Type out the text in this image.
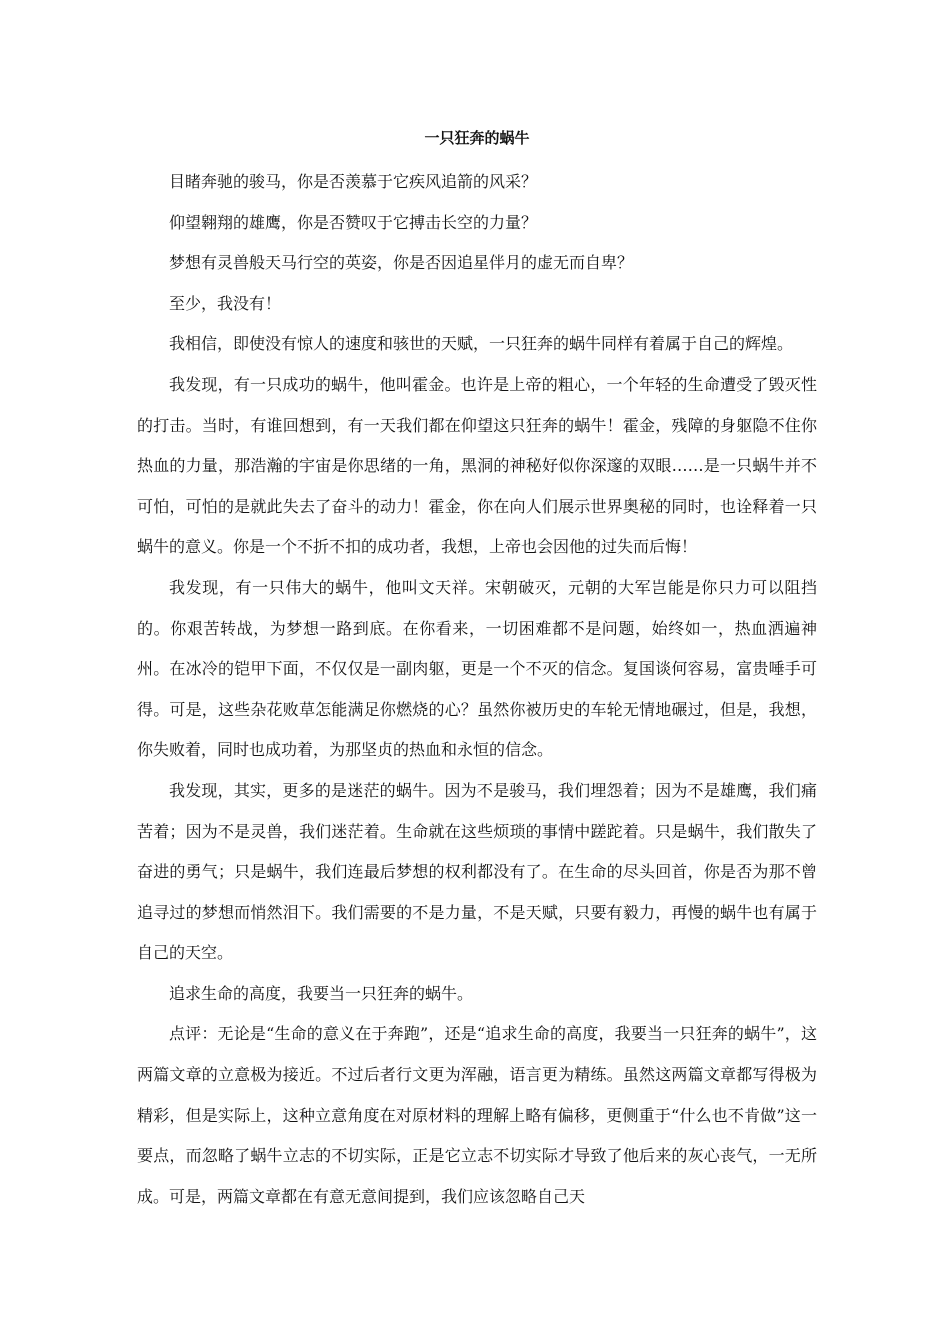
一只狂奔的蜗牛

目睹奔驰的骏马，你是否羡慕于它疾风追箭的风采？

仰望翱翔的雄鹰，你是否赞叹于它搏击长空的力量？

梦想有灵兽般天马行空的英姿，你是否因追星伴月的虚无而自卑？

至少，我没有！

我相信，即使没有惊人的速度和骇世的天赋，一只狂奔的蜗牛同样有着属于自己的辉煌。

我发现，有一只成功的蜗牛，他叫霍金。也许是上帝的粗心，一个年轻的生命遭受了毁灭性的打击。当时，有谁回想到，有一天我们都在仰望这只狂奔的蜗牛！霍金，残障的身躯隐不住你热血的力量，那浩瀚的宇宙是你思绪的一角，黑洞的神秘好似你深邃的双眼……是一只蜗牛并不可怕，可怕的是就此失去了奋斗的动力！霍金，你在向人们展示世界奥秘的同时，也诠释着一只蜗牛的意义。你是一个不折不扣的成功者，我想，上帝也会因他的过失而后悔！

我发现，有一只伟大的蜗牛，他叫文天祥。宋朝破灭，元朝的大军岂能是你只力可以阻挡的。你艰苦转战，为梦想一路到底。在你看来，一切困难都不是问题，始终如一，热血洒遍神州。在冰冷的铠甲下面，不仅仅是一副肉躯，更是一个不灭的信念。复国谈何容易，富贵唾手可得。可是，这些杂花败草怎能满足你燃烧的心？虽然你被历史的车轮无情地碾过，但是，我想，你失败着，同时也成功着，为那坚贞的热血和永恒的信念。

我发现，其实，更多的是迷茫的蜗牛。因为不是骏马，我们埋怨着；因为不是雄鹰，我们痛苦着；因为不是灵兽，我们迷茫着。生命就在这些烦琐的事情中蹉跎着。只是蜗牛，我们散失了奋进的勇气；只是蜗牛，我们连最后梦想的权利都没有了。在生命的尽头回首，你是否为那不曾追寻过的梦想而悄然泪下。我们需要的不是力量，不是天赋，只要有毅力，再慢的蜗牛也有属于自己的天空。

追求生命的高度，我要当一只狂奔的蜗牛。

点评：无论是“生命的意义在于奔跑”，还是“追求生命的高度，我要当一只狂奔的蜗牛”，这两篇文章的立意极为接近。不过后者行文更为浑融，语言更为精练。虽然这两篇文章都写得极为精彩，但是实际上，这种立意角度在对原材料的理解上略有偏移，更侧重于“什么也不肯做”这一要点，而忽略了蜗牛立志的不切实际，正是它立志不切实际才导致了他后来的灰心丧气，一无所成。可是，两篇文章都在有意无意间提到，我们应该忽略自己天
